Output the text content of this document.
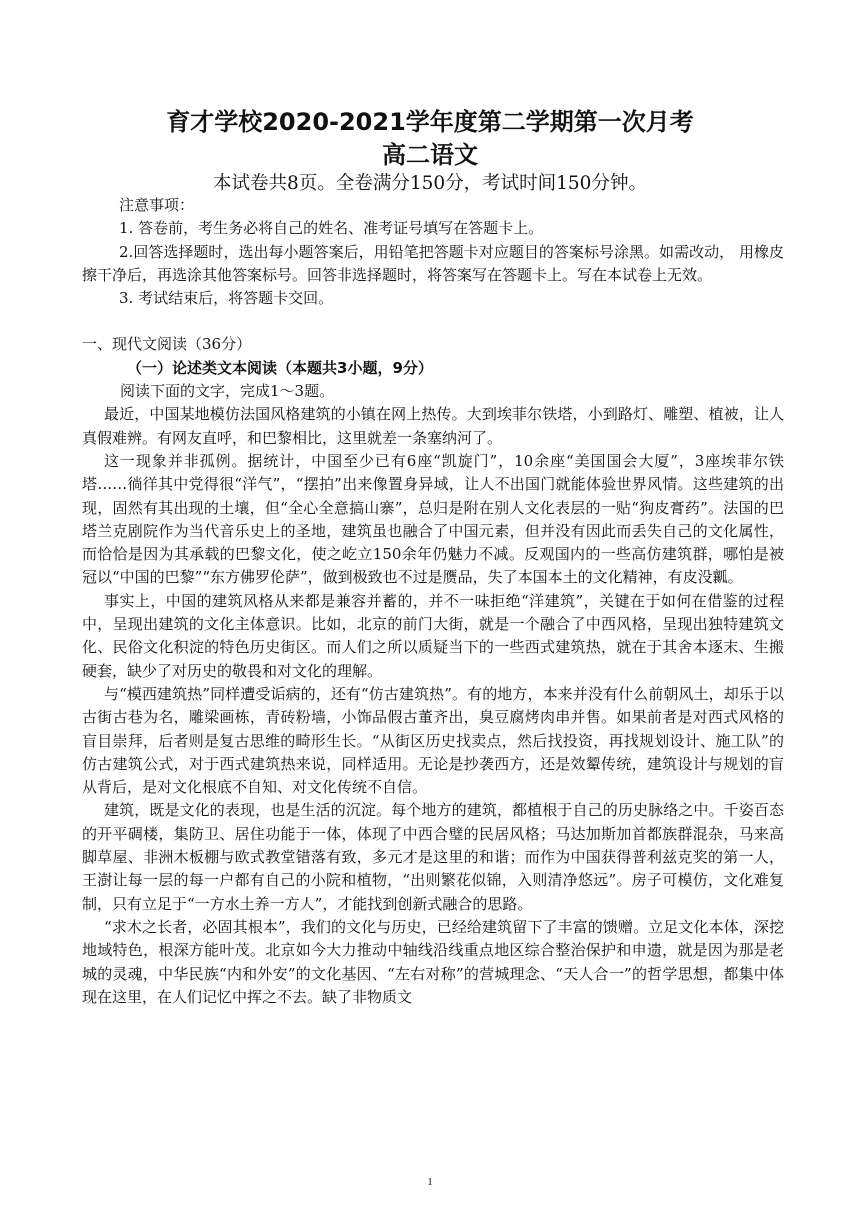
育才学校2020-2021学年度第二学期第一次月考
高二语文
本试卷共8页。全卷满分150分，考试时间150分钟。

注意事项：

1. 答卷前，考生务必将自己的姓名、准考证号填写在答题卡上。

2.回答选择题时，选出每小题答案后，用铅笔把答题卡对应题目的答案标号涂黑。如需改动， 用橡皮擦干净后，再选涂其他答案标号。回答非选择题时，将答案写在答题卡上。写在本试卷上无效。

3. 考试结束后，将答题卡交回。

一、现代文阅读（36分）

（一）论述类文本阅读（本题共3小题，9分）

阅读下面的文字，完成1～3题。

最近，中国某地模仿法国风格建筑的小镇在网上热传。大到埃菲尔铁塔，小到路灯、雕塑、植被，让人真假难辨。有网友直呼，和巴黎相比，这里就差一条塞纳河了。

这一现象并非孤例。据统计，中国至少已有6座“凯旋门”，10余座“美国国会大厦”，3座埃菲尔铁塔……徜徉其中党得很“洋气”，“摆拍”出来像置身异域，让人不出国门就能体验世界风情。这些建筑的出现，固然有其出现的土壤，但“全心全意搞山寨”，总归是附在别人文化表层的一贴“狗皮膏药”。法国的巴塔兰克剧院作为当代音乐史上的圣地，建筑虽也融合了中国元素，但并没有因此而丢失自己的文化属性，而恰恰是因为其承载的巴黎文化，使之屹立150余年仍魅力不减。反观国内的一些高仿建筑群，哪怕是被冠以“中国的巴黎”“东方佛罗伦萨”，做到极致也不过是赝品，失了本国本土的文化精神，有皮没瓤。

事实上，中国的建筑风格从来都是兼容并蓄的，并不一味拒绝“洋建筑”，关键在于如何在借鉴的过程中，呈现出建筑的文化主体意识。比如，北京的前门大街，就是一个融合了中西风格，呈现出独特建筑文化、民俗文化积淀的特色历史街区。而人们之所以质疑当下的一些西式建筑热，就在于其舍本逐末、生搬硬套，缺少了对历史的敬畏和对文化的理解。

与“模西建筑热”同样遭受诟病的，还有“仿古建筑热”。有的地方，本来并没有什么前朝风土，却乐于以古街古巷为名，雕梁画栋，青砖粉墙，小饰品假古董齐出，臭豆腐烤肉串并售。如果前者是对西式风格的盲目崇拜，后者则是复古思维的畸形生长。“从街区历史找卖点，然后找投资，再找规划设计、施工队”的仿古建筑公式，对于西式建筑热来说，同样适用。无论是抄袭西方，还是效颦传统，建筑设计与规划的盲从背后，是对文化根底不自知、对文化传统不自信。

建筑，既是文化的表现，也是生活的沉淀。每个地方的建筑，都植根于自己的历史脉络之中。千姿百态的开平碉楼，集防卫、居住功能于一体，体现了中西合璧的民居风格；马达加斯加首都族群混杂，马来高脚草屋、非洲木板棚与欧式教堂错落有致，多元才是这里的和谐；而作为中国获得普利兹克奖的第一人，王澍让每一层的每一户都有自己的小院和植物，“出则繁花似锦，入则清净悠远”。房子可模仿，文化难复制，只有立足于“一方水土养一方人”，才能找到创新式融合的思路。

“求木之长者，必固其根本”，我们的文化与历史，已经给建筑留下了丰富的馈赠。立足文化本体，深挖地域特色，根深方能叶茂。北京如今大力推动中轴线沿线重点地区综合整治保护和申遗，就是因为那是老城的灵魂，中华民族“内和外安”的文化基因、“左右对称”的营城理念、“天人合一”的哲学思想，都集中体现在这里，在人们记忆中挥之不去。缺了非物质文

1
